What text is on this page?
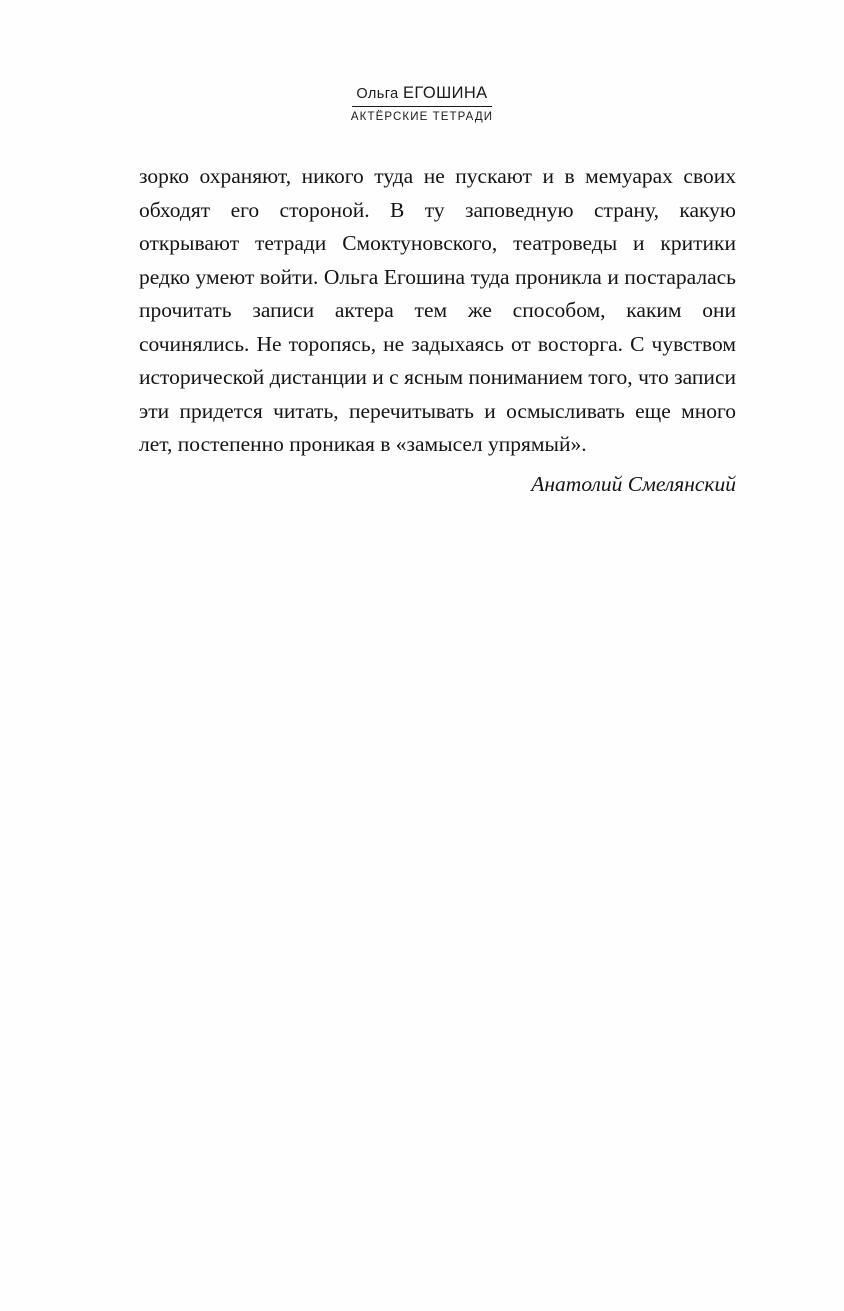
Ольга ЕГОШИНА
АКТЁРСКИЕ ТЕТРАДИ

зорко охраняют, никого туда не пускают и в мемуарах своих обходят его стороной. В ту заповедную страну, какую открывают тетради Смоктуновского, театроведы и критики редко умеют войти. Ольга Егошина туда проникла и постаралась прочитать записи актера тем же способом, каким они сочинялись. Не торопясь, не задыхаясь от восторга. С чувством исторической дистанции и с ясным пониманием того, что записи эти придется читать, перечитывать и осмысливать еще много лет, постепенно проникая в «замысел упрямый».

Анатолий Смелянский
